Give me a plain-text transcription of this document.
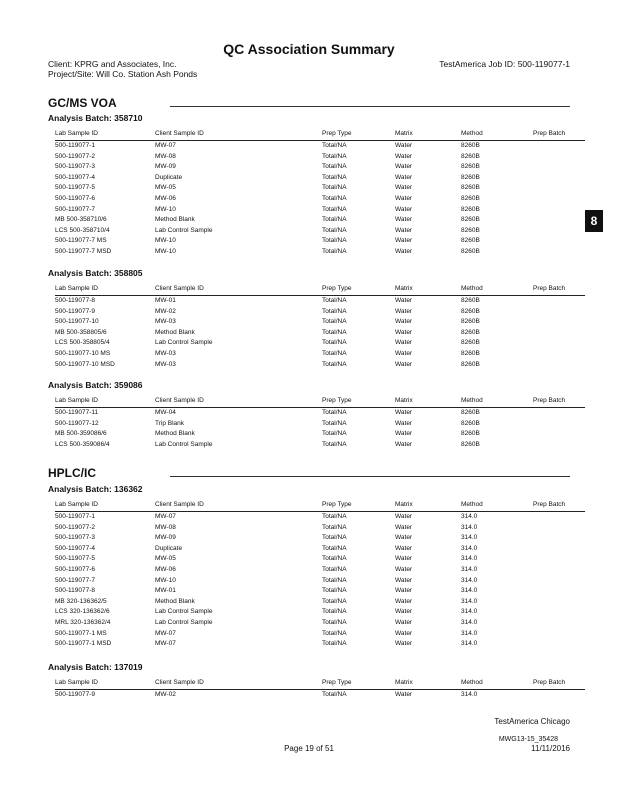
QC Association Summary
Client: KPRG and Associates, Inc.
Project/Site: Will Co. Station Ash Ponds
TestAmerica Job ID: 500-119077-1
8
GC/MS VOA
Analysis Batch: 358710
Lab Sample ID	Client Sample ID	Prep Type	Matrix	Method	Prep Batch
500-119077-1	MW-07	Total/NA	Water	8260B
500-119077-2	MW-08	Total/NA	Water	8260B
500-119077-3	MW-09	Total/NA	Water	8260B
500-119077-4	Duplicate	Total/NA	Water	8260B
500-119077-5	MW-05	Total/NA	Water	8260B
500-119077-6	MW-06	Total/NA	Water	8260B
500-119077-7	MW-10	Total/NA	Water	8260B
MB 500-358710/6	Method Blank	Total/NA	Water	8260B
LCS 500-358710/4	Lab Control Sample	Total/NA	Water	8260B
500-119077-7 MS	MW-10	Total/NA	Water	8260B
500-119077-7 MSD	MW-10	Total/NA	Water	8260B
Analysis Batch: 358805
Lab Sample ID	Client Sample ID	Prep Type	Matrix	Method	Prep Batch
500-119077-8	MW-01	Total/NA	Water	8260B
500-119077-9	MW-02	Total/NA	Water	8260B
500-119077-10	MW-03	Total/NA	Water	8260B
MB 500-358805/6	Method Blank	Total/NA	Water	8260B
LCS 500-358805/4	Lab Control Sample	Total/NA	Water	8260B
500-119077-10 MS	MW-03	Total/NA	Water	8260B
500-119077-10 MSD	MW-03	Total/NA	Water	8260B
Analysis Batch: 359086
Lab Sample ID	Client Sample ID	Prep Type	Matrix	Method	Prep Batch
500-119077-11	MW-04	Total/NA	Water	8260B
500-119077-12	Trip Blank	Total/NA	Water	8260B
MB 500-359086/6	Method Blank	Total/NA	Water	8260B
LCS 500-359086/4	Lab Control Sample	Total/NA	Water	8260B
HPLC/IC
Analysis Batch: 136362
Lab Sample ID	Client Sample ID	Prep Type	Matrix	Method	Prep Batch
500-119077-1	MW-07	Total/NA	Water	314.0
500-119077-2	MW-08	Total/NA	Water	314.0
500-119077-3	MW-09	Total/NA	Water	314.0
500-119077-4	Duplicate	Total/NA	Water	314.0
500-119077-5	MW-05	Total/NA	Water	314.0
500-119077-6	MW-06	Total/NA	Water	314.0
500-119077-7	MW-10	Total/NA	Water	314.0
500-119077-8	MW-01	Total/NA	Water	314.0
MB 320-136362/5	Method Blank	Total/NA	Water	314.0
LCS 320-136362/6	Lab Control Sample	Total/NA	Water	314.0
MRL 320-136362/4	Lab Control Sample	Total/NA	Water	314.0
500-119077-1 MS	MW-07	Total/NA	Water	314.0
500-119077-1 MSD	MW-07	Total/NA	Water	314.0
Analysis Batch: 137019
Lab Sample ID	Client Sample ID	Prep Type	Matrix	Method	Prep Batch
500-119077-9	MW-02	Total/NA	Water	314.0
TestAmerica Chicago
MWG13-15_35428
Page 19 of 51	11/11/2016
